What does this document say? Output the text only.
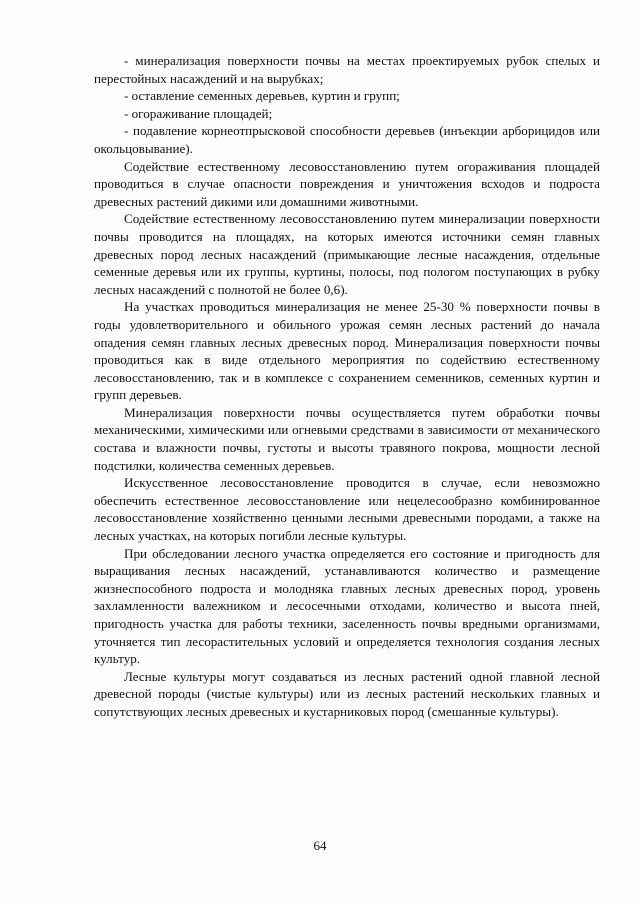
- минерализация поверхности почвы на местах проектируемых рубок спелых и перестойных насаждений и на вырубках;

- оставление семенных деревьев, куртин и групп;

- огораживание площадей;

- подавление корнеотпрысковой способности деревьев (инъекции арборицидов или окольцовывание).

Содействие естественному лесовосстановлению путем огораживания площадей проводиться в случае опасности повреждения и уничтожения всходов и подроста древесных растений дикими или домашними животными.

Содействие естественному лесовосстановлению путем минерализации поверхности почвы проводится на площадях, на которых имеются источники семян главных древесных пород лесных насаждений (примыкающие лесные насаждения, отдельные семенные деревья или их группы, куртины, полосы, под пологом поступающих в рубку лесных насаждений с полнотой не более 0,6).

На участках проводиться минерализация не менее 25-30 % поверхности почвы в годы удовлетворительного и обильного урожая семян лесных растений до начала опадения семян главных лесных древесных пород. Минерализация поверхности почвы проводиться как в виде отдельного мероприятия по содействию естественному лесовосстановлению, так и в комплексе с сохранением семенников, семенных куртин и групп деревьев.

Минерализация поверхности почвы осуществляется путем обработки почвы механическими, химическими или огневыми средствами в зависимости от механического состава и влажности почвы, густоты и высоты травяного покрова, мощности лесной подстилки, количества семенных деревьев.

Искусственное лесовосстановление проводится в случае, если невозможно обеспечить естественное лесовосстановление или нецелесообразно комбинированное лесовосстановление хозяйственно ценными лесными древесными породами, а также на лесных участках, на которых погибли лесные культуры.

При обследовании лесного участка определяется его состояние и пригодность для выращивания лесных насаждений, устанавливаются количество и размещение жизнеспособного подроста и молодняка главных лесных древесных пород, уровень захламленности валежником и лесосечными отходами, количество и высота пней, пригодность участка для работы техники, заселенность почвы вредными организмами, уточняется тип лесорастительных условий и определяется технология создания лесных культур.

Лесные культуры могут создаваться из лесных растений одной главной лесной древесной породы (чистые культуры) или из лесных растений нескольких главных и сопутствующих лесных древесных и кустарниковых пород (смешанные культуры).

64
